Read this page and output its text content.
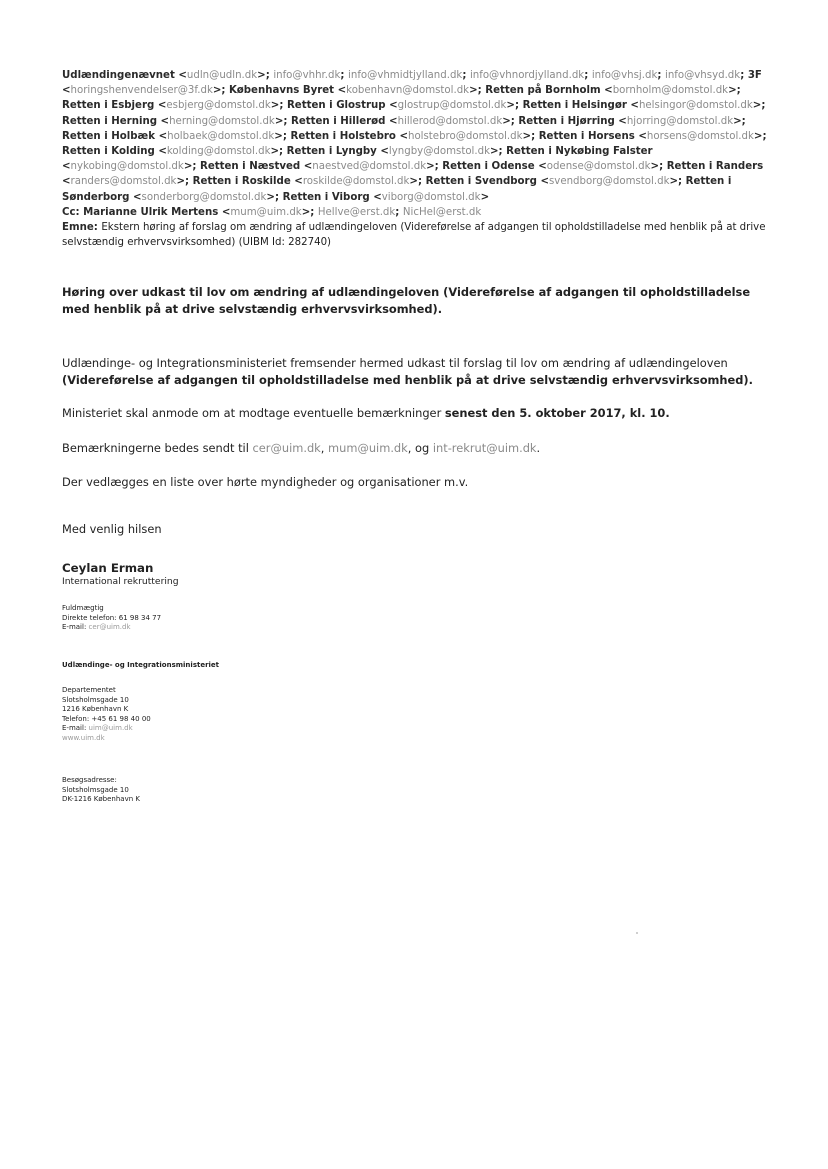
Udlændingenævnet <udln@udln.dk>; info@vhhr.dk; info@vhmidtjylland.dk; info@vhnordjylland.dk; info@vhsj.dk; info@vhsyd.dk; 3F <horingshenvendelser@3f.dk>; Københavns Byret <kobenhavn@domstol.dk>; Retten på Bornholm <bornholm@domstol.dk>; Retten i Esbjerg <esbjerg@domstol.dk>; Retten i Glostrup <glostrup@domstol.dk>; Retten i Helsingør <helsingor@domstol.dk>; Retten i Herning <herning@domstol.dk>; Retten i Hillerød <hillerod@domstol.dk>; Retten i Hjørring <hjorring@domstol.dk>; Retten i Holbæk <holbaek@domstol.dk>; Retten i Holstebro <holstebro@domstol.dk>; Retten i Horsens <horsens@domstol.dk>; Retten i Kolding <kolding@domstol.dk>; Retten i Lyngby <lyngby@domstol.dk>; Retten i Nykøbing Falster <nykobing@domstol.dk>; Retten i Næstved <naestved@domstol.dk>; Retten i Odense <odense@domstol.dk>; Retten i Randers <randers@domstol.dk>; Retten i Roskilde <roskilde@domstol.dk>; Retten i Svendborg <svendborg@domstol.dk>; Retten i Sønderborg <sonderborg@domstol.dk>; Retten i Viborg <viborg@domstol.dk>
Cc: Marianne Ulrik Mertens <mum@uim.dk>; Hellve@erst.dk; NicHel@erst.dk
Emne: Ekstern høring af forslag om ændring af udlændingeloven (Videreførelse af adgangen til opholdstilladelse med henblik på at drive selvstændig erhvervsvirksomhed) (UIBM Id: 282740)
Høring over udkast til lov om ændring af udlændingeloven (Videreførelse af adgangen til opholdstilladelse med henblik på at drive selvstændig erhvervsvirksomhed).
Udlændinge- og Integrationsministeriet fremsender hermed udkast til forslag til lov om ændring af udlændingeloven (Videreførelse af adgangen til opholdstilladelse med henblik på at drive selvstændig erhvervsvirksomhed).
Ministeriet skal anmode om at modtage eventuelle bemærkninger senest den 5. oktober 2017, kl. 10.
Bemærkningerne bedes sendt til cer@uim.dk, mum@uim.dk, og int-rekrut@uim.dk.
Der vedlægges en liste over hørte myndigheder og organisationer m.v.
Med venlig hilsen
Ceylan Erman
International rekruttering
Fuldmægtig
Direkte telefon: 61 98 34 77
E-mail: cer@uim.dk
Udlændinge- og Integrationsministeriet
Departementet
Slotsholmsgade 10
1216 København K
Telefon: +45 61 98 40 00
E-mail: uim@uim.dk
www.uim.dk
Besøgsadresse:
Slotsholmsgade 10
DK-1216 København K
